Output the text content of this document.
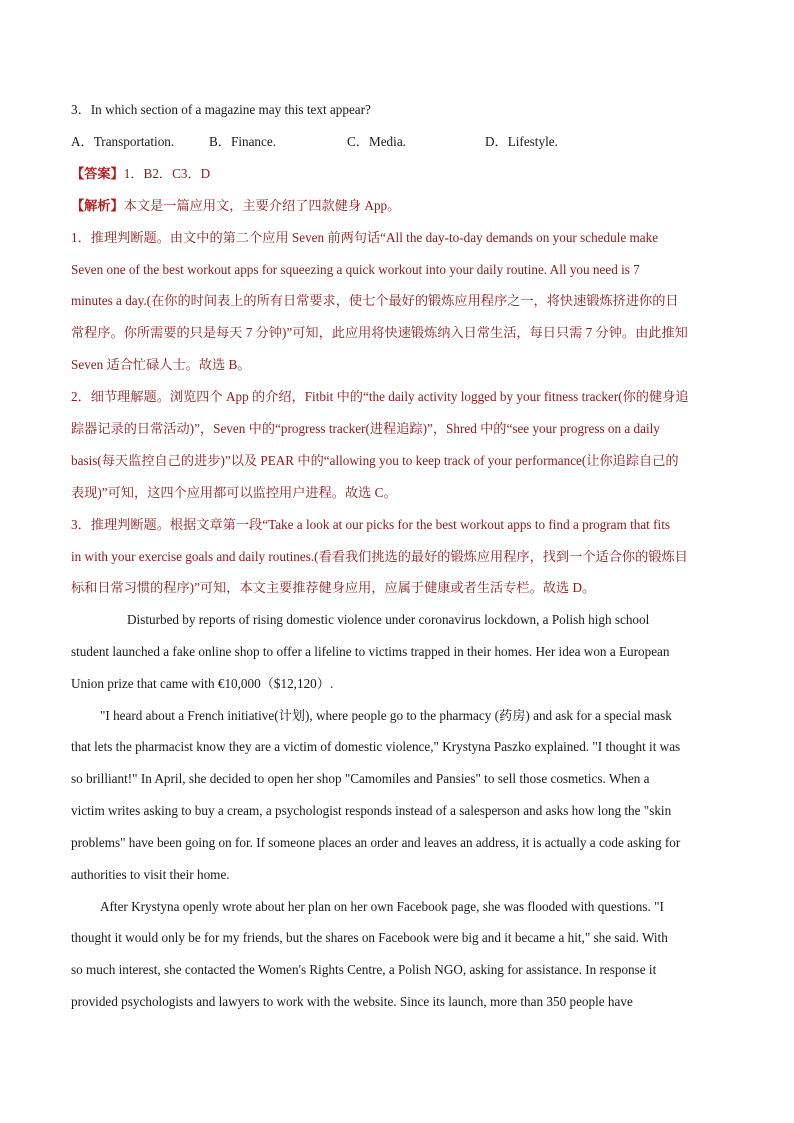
3．In which section of a magazine may this text appear?
A．Transportation.	B．Finance.	C．Media.	D．Lifestyle.
【答案】1．B2．C3．D
【解析】本文是一篇应用文，主要介绍了四款健身 App。
1．推理判断题。由文中的第二个应用 Seven 前两句话“All the day-to-day demands on your schedule make
Seven one of the best workout apps for squeezing a quick workout into your daily routine. All you need is 7
minutes a day.(在你的时间表上的所有日常要求，使七个最好的锻炼应用程序之一，将快速锻炼挤进你的日
常程序。你所需要的只是每天 7 分钟)”可知，此应用将快速锻炼纳入日常生活，每日只需 7 分钟。由此推知
Seven 适合忙碌人士。故选 B。
2．细节理解题。浏览四个 App 的介绍，Fitbit 中的“the daily activity logged by your fitness tracker(你的健身追
踪器记录的日常活动)”，Seven 中的“progress tracker(进程追踪)”，Shred 中的“see your progress on a daily
basis(每天监控自己的进步)”以及 PEAR 中的“allowing you to keep track of your performance(让你追踪自己的
表现)”可知，这四个应用都可以监控用户进程。故选 C。
3．推理判断题。根据文章第一段“Take a look at our picks for the best workout apps to find a program that fits
in with your exercise goals and daily routines.(看看我们挑选的最好的锻炼应用程序，找到一个适合你的锻炼目
标和日常习惯的程序)”可知，本文主要推荐健身应用，应属于健康或者生活专栏。故选 D。
Disturbed by reports of rising domestic violence under coronavirus lockdown, a Polish high school
student launched a fake online shop to offer a lifeline to victims trapped in their homes. Her idea won a European
Union prize that came with €10,000（$12,120）.
"I heard about a French initiative(计划), where people go to the pharmacy (药房) and ask for a special mask
that lets the pharmacist know they are a victim of domestic violence," Krystyna Paszko explained. "I thought it was
so brilliant!" In April, she decided to open her shop "Camomiles and Pansies" to sell those cosmetics. When a
victim writes asking to buy a cream, a psychologist responds instead of a salesperson and asks how long the "skin
problems" have been going on for. If someone places an order and leaves an address, it is actually a code asking for
authorities to visit their home.
After Krystyna openly wrote about her plan on her own Facebook page, she was flooded with questions. "I
thought it would only be for my friends, but the shares on Facebook were big and it became a hit," she said. With
so much interest, she contacted the Women's Rights Centre, a Polish NGO, asking for assistance. In response it
provided psychologists and lawyers to work with the website. Since its launch, more than 350 people have
